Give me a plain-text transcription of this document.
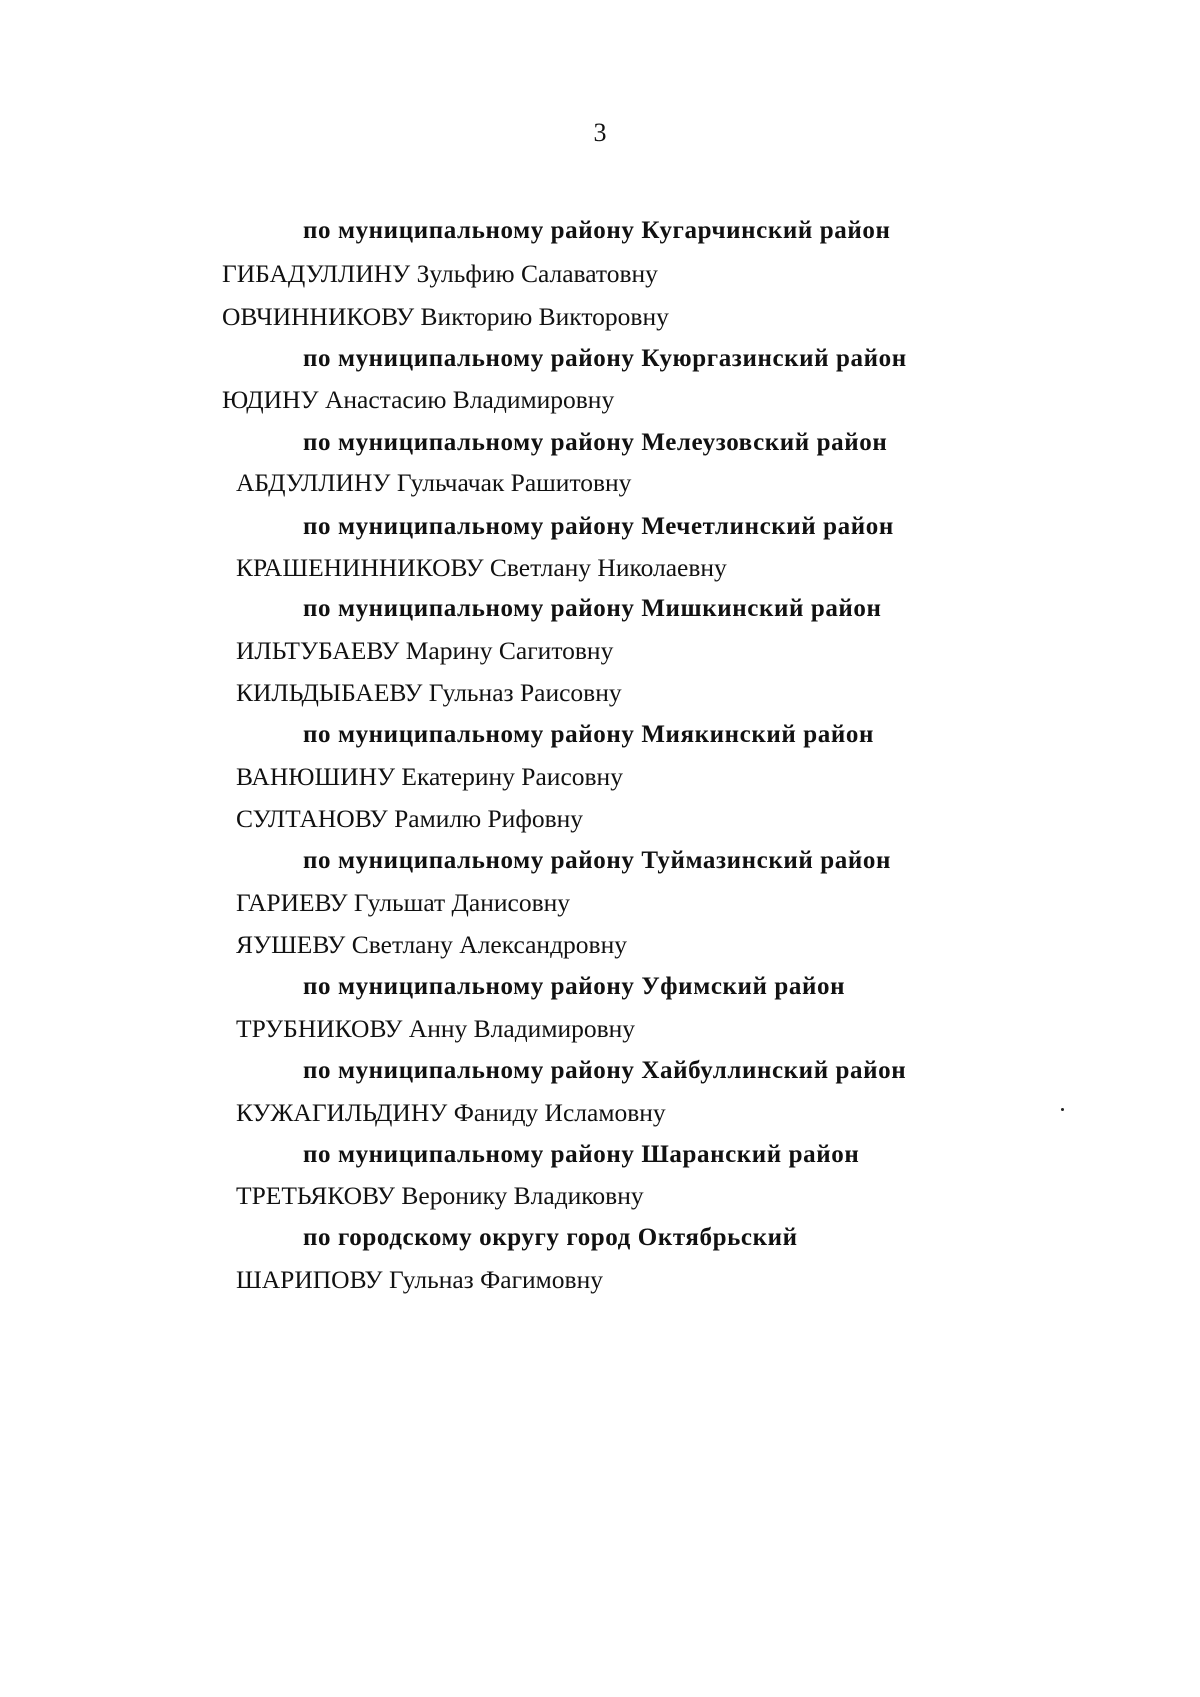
3
по муниципальному району Кугарчинский район
ГИБАДУЛЛИНУ Зульфию Салаватовну
ОВЧИННИКОВУ Викторию Викторовну
по муниципальному району Куюргазинский район
ЮДИНУ Анастасию Владимировну
по муниципальному району Мелеузовский район
АБДУЛЛИНУ Гульчачак Рашитовну
по муниципальному району Мечетлинский район
КРАШЕНИННИКОВУ Светлану Николаевну
по муниципальному району Мишкинский район
ИЛЬТУБАЕВУ Марину Сагитовну
КИЛЬДЫБАЕВУ Гульназ Раисовну
по муниципальному району Миякинский район
ВАНЮШИНУ Екатерину Раисовну
СУЛТАНОВУ Рамилю Рифовну
по муниципальному району Туймазинский район
ГАРИЕВУ Гульшат Данисовну
ЯУШЕВУ Светлану Александровну
по муниципальному району Уфимский район
ТРУБНИКОВУ Анну Владимировну
по муниципальному району Хайбуллинский район
КУЖАГИЛЬДИНУ Фаниду Исламовну
по муниципальному району Шаранский район
ТРЕТЬЯКОВУ Веронику Владиковну
по городскому округу город Октябрьский
ШАРИПОВУ Гульназ Фагимовну
